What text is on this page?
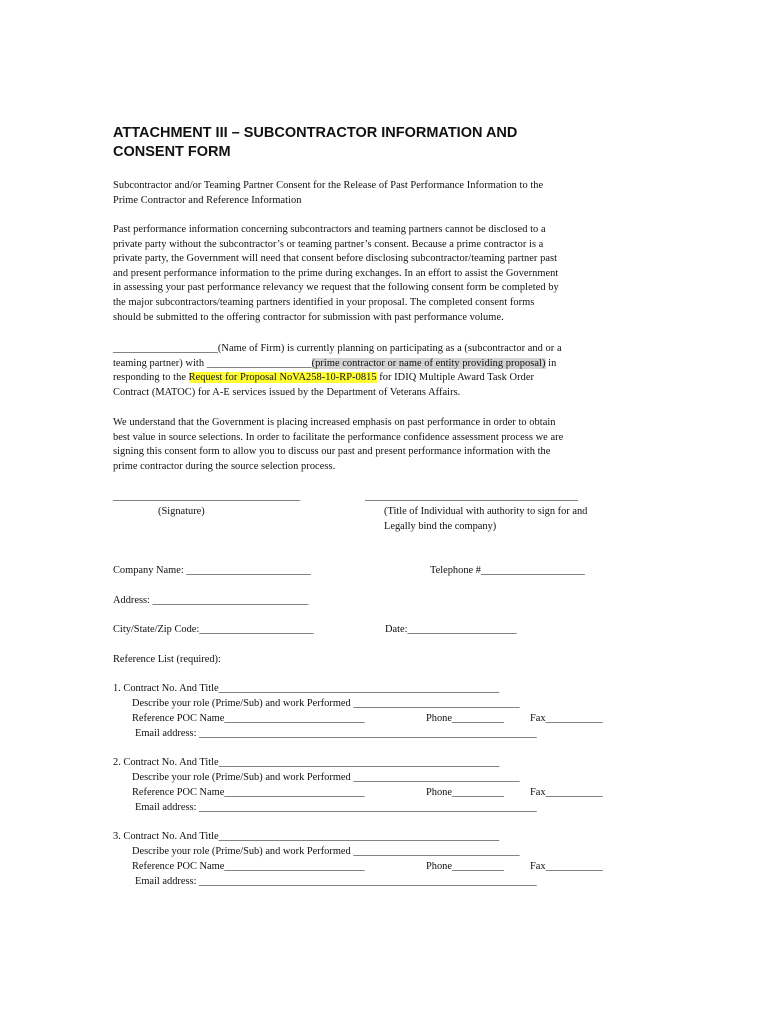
ATTACHMENT III – SUBCONTRACTOR INFORMATION AND
CONSENT FORM
Subcontractor and/or Teaming Partner Consent for the Release of Past Performance Information to the
Prime Contractor and Reference Information
Past performance information concerning subcontractors and teaming partners cannot be disclosed to a
private party without the subcontractor’s or teaming partner’s consent. Because a prime contractor is a
private party, the Government will need that consent before disclosing subcontractor/teaming partner past
and present performance information to the prime during exchanges. In an effort to assist the Government
in assessing your past performance relevancy we request that the following consent form be completed by
the major subcontractors/teaming partners identified in your proposal. The completed consent forms
should be submitted to the offering contractor for submission with past performance volume.
____________________(Name of Firm) is currently planning on participating as a (subcontractor and or a
teaming partner) with ____________________(prime contractor or name of entity providing proposal) in
responding to the Request for Proposal NoVA258-10-RP-0815 for IDIQ Multiple Award Task Order
Contract (MATOC) for A-E services issued by the Department of Veterans Affairs.
We understand that the Government is placing increased emphasis on past performance in order to obtain
best value in source selections. In order to facilitate the performance confidence assessment process we are
signing this consent form to allow you to discuss our past and present performance information with the
prime contractor during the source selection process.
____________________________________
(Signature)
_________________________________________
(Title of Individual with authority to sign for and
Legally bind the company)
Company Name: ________________________	Telephone #____________________
Address: ______________________________
City/State/Zip Code:______________________	Date:_____________________
Reference List (required):
1. Contract No. And Title______________________________________________________
Describe your role (Prime/Sub) and work Performed ________________________________
Reference POC Name___________________________	Phone__________	Fax___________
Email address: _________________________________________________________________
2. Contract No. And Title______________________________________________________
Describe your role (Prime/Sub) and work Performed ________________________________
Reference POC Name___________________________	Phone__________	Fax___________
Email address: _________________________________________________________________
3. Contract No. And Title______________________________________________________
Describe your role (Prime/Sub) and work Performed ________________________________
Reference POC Name___________________________	Phone__________	Fax___________
Email address: _________________________________________________________________
